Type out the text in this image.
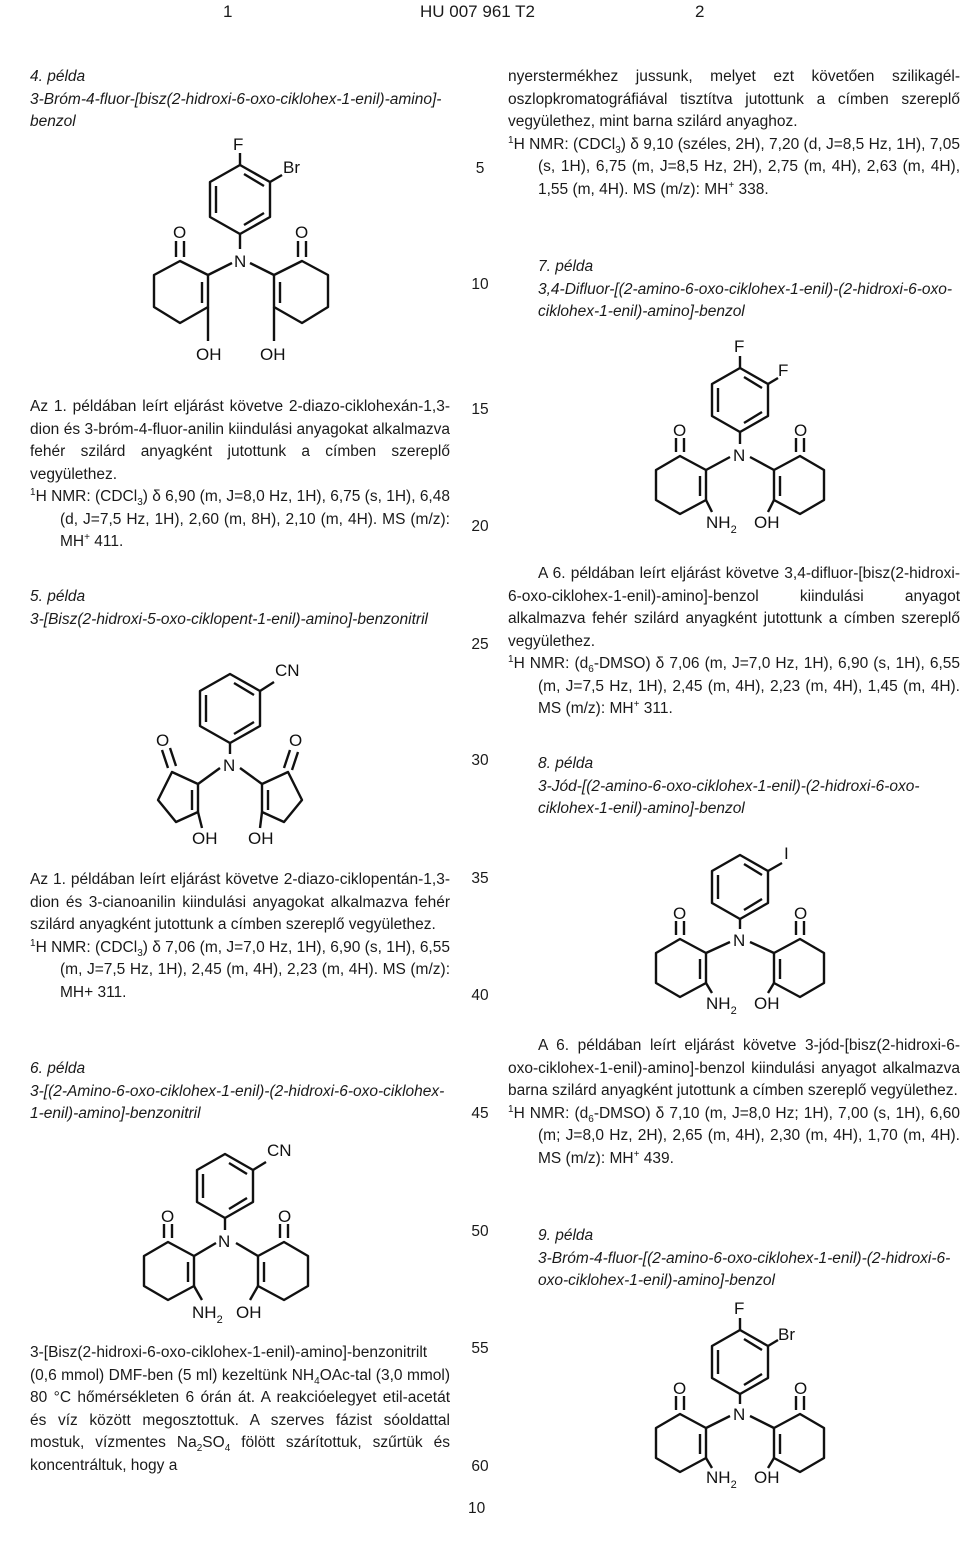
1	HU 007 961 T2	2
5
10
15
20
25
30
35
40
45
50
55
60

4. példa

3-Bróm-4-fluor-[bisz(2-hidroxi-6-oxo-ciklohex-1-enil)-amino]-benzol

F
Br
N
O
OH
O
OH

Az 1. példában leírt eljárást követve 2-diazo-ciklohexán-1,3-dion és 3-bróm-4-fluor-anilin kiindulási anyagokat alkalmazva fehér szilárd anyagként jutottunk a címben szereplő vegyülethez.

$^1$H NMR: (CDCl$_3$) δ 6,90 (m, J=8,0 Hz, 1H), 6,75 (s, 1H), 6,48 (d, J=7,5 Hz, 1H), 2,60 (m, 8H), 2,10 (m, 4H). MS (m/z): MH+ 411.

5. példa

3-[Bisz(2-hidroxi-5-oxo-ciklopent-1-enil)-amino]-benzonitril

CN
N
O
OH
O
OH

Az 1. példában leírt eljárást követve 2-diazo-ciklopentán-1,3-dion és 3-cianoanilin kiindulási anyagokat alkalmazva fehér szilárd anyagként jutottunk a címben szereplő vegyülethez.

$^1$H NMR: (CDCl$_3$) δ 7,06 (m, J=7,0 Hz, 1H), 6,90 (s, 1H), 6,55 (m, J=7,5 Hz, 1H), 2,45 (m, 4H), 2,23 (m, 4H). MS (m/z): MH+ 311.

6. példa

3-[(2-Amino-6-oxo-ciklohex-1-enil)-(2-hidroxi-6-oxo-ciklohex-1-enil)-amino]-benzonitril

CN
N
O
$NH_2$
O
OH

3-[Bisz(2-hidroxi-6-oxo-ciklohex-1-enil)-amino]-benzonitrilt (0,6 mmol) DMF-ben (5 ml) kezeltünk $NH_4OAc$-tal (3,0 mmol) 80 °C hőmérsékleten 6 órán át. A reakcióelegyet etil-acetát és víz között megosztottuk. A szerves fázist sóoldattal mostuk, vízmentes $Na_2SO_4$ fölött szárítottuk, szűrtük és koncentráltuk, hogy a

nyerstermékhez jussunk, melyet ezt követően szilikagél-oszlopkromatográfiával tisztítva jutottunk a címben szereplő vegyülethez, mint barna szilárd anyaghoz.

$^1$H NMR: (CDCl$_3$) δ 9,10 (széles, 2H), 7,20 (d, J=8,5 Hz, 1H), 7,05 (s, 1H), 6,75 (m, J=8,5 Hz, 2H), 2,75 (m, 4H), 2,63 (m, 4H), 1,55 (m, 4H). MS (m/z): MH+ 338.

7. példa

3,4-Difluor-[(2-amino-6-oxo-ciklohex-1-enil)-(2-hidroxi-6-oxo-ciklohex-1-enil)-amino]-benzol

F
F
N
O
$NH_2$
O
OH

A 6. példában leírt eljárást követve 3,4-difluor-[bisz(2-hidroxi-6-oxo-ciklohex-1-enil)-amino]-benzol kiindulási anyagot alkalmazva fehér szilárd anyagként jutottunk a címben szereplő vegyülethez.

$^1$H NMR: $(d_6-DMSO)$ δ 7,06 (m, J=7,0 Hz, 1H), 6,90 (s, 1H), 6,55 (m, J=7,5 Hz, 1H), 2,45 (m, 4H), 2,23 (m, 4H), 1,45 (m, 4H). MS (m/z): MH+ 311.

8. példa

3-Jód-[(2-amino-6-oxo-ciklohex-1-enil)-(2-hidroxi-6-oxo-ciklohex-1-enil)-amino]-benzol

I
N
O
$NH_2$
O
OH

A 6. példában leírt eljárást követve 3-jód-[bisz(2-hidroxi-6-oxo-ciklohex-1-enil)-amino]-benzol kiindulási anyagot alkalmazva barna szilárd anyagként jutottunk a címben szereplő vegyülethez.

$^1$H NMR: $(d_6-DMSO)$ δ 7,10 (m, J=8,0 Hz; 1H), 7,00 (s, 1H), 6,60 (m; J=8,0 Hz, 2H), 2,65 (m, 4H), 2,30 (m, 4H), 1,70 (m, 4H). MS (m/z): MH+ 439.

9. példa

3-Bróm-4-fluor-[(2-amino-6-oxo-ciklohex-1-enil)-(2-hidroxi-6-oxo-ciklohex-1-enil)-amino]-benzol

F
Br
N
O
$NH_2$
O
OH
10
